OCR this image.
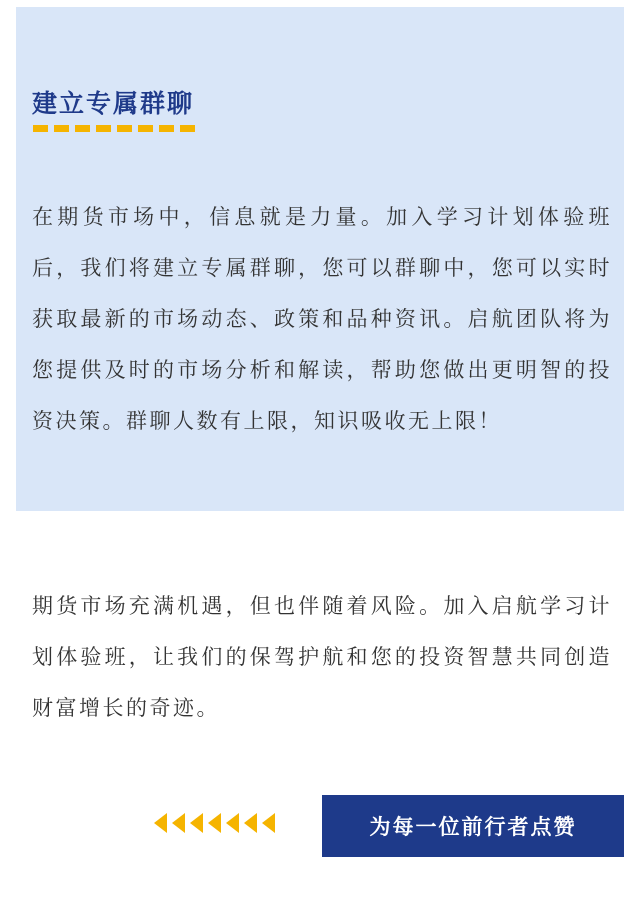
建立专属群聊

在期货市场中，信息就是力量。加入学习计划体验班后，我们将建立专属群聊，您可以群聊中，您可以实时获取最新的市场动态、政策和品种资讯。启航团队将为您提供及时的市场分析和解读，帮助您做出更明智的投资决策。群聊人数有上限，知识吸收无上限！

期货市场充满机遇，但也伴随着风险。加入启航学习计划体验班，让我们的保驾护航和您的投资智慧共同创造财富增长的奇迹。

为每一位前行者点赞
